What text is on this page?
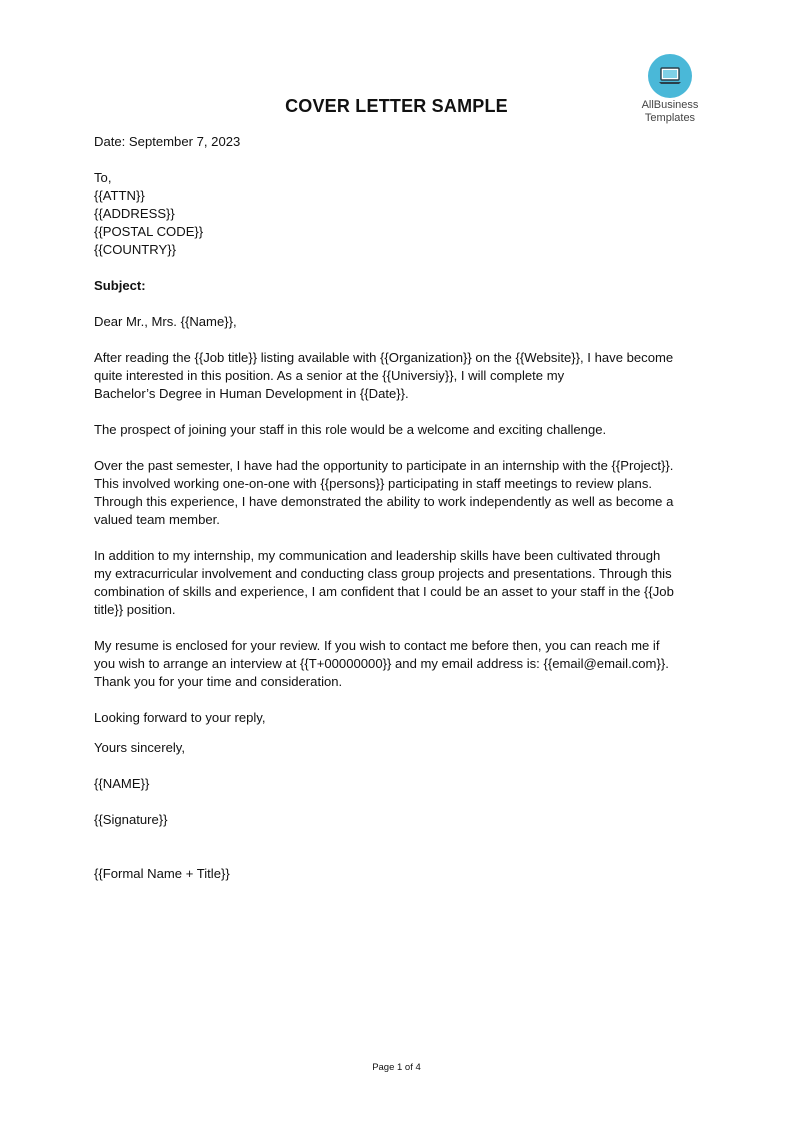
AllBusiness
Templates
COVER LETTER SAMPLE
Date: September 7, 2023
To,
{{ATTN}}
{{ADDRESS}}
{{POSTAL CODE}}
{{COUNTRY}}
Subject:
Dear Mr., Mrs. {{Name}},
After reading the {{Job title}} listing available with {{Organization}} on the {{Website}}, I have become
quite interested in this position. As a senior at the {{Universiy}}, I will complete my
Bachelor’s Degree in Human Development in {{Date}}.
The prospect of joining your staff in this role would be a welcome and exciting challenge.
Over the past semester, I have had the opportunity to participate in an internship with the {{Project}}.
This involved working one-on-one with {{persons}} participating in staff meetings to review plans.
Through this experience, I have demonstrated the ability to work independently as well as become a
valued team member.
In addition to my internship, my communication and leadership skills have been cultivated through
my extracurricular involvement and conducting class group projects and presentations. Through this
combination of skills and experience, I am confident that I could be an asset to your staff in the {{Job
title}} position.
My resume is enclosed for your review. If you wish to contact me before then, you can reach me if
you wish to arrange an interview at {{T+00000000}} and my email address is: {{email@email.com}}.
Thank you for your time and consideration.
Looking forward to your reply,
Yours sincerely,
{{NAME}}
{{Signature}}
{{Formal Name + Title}}
Page 1 of 4
